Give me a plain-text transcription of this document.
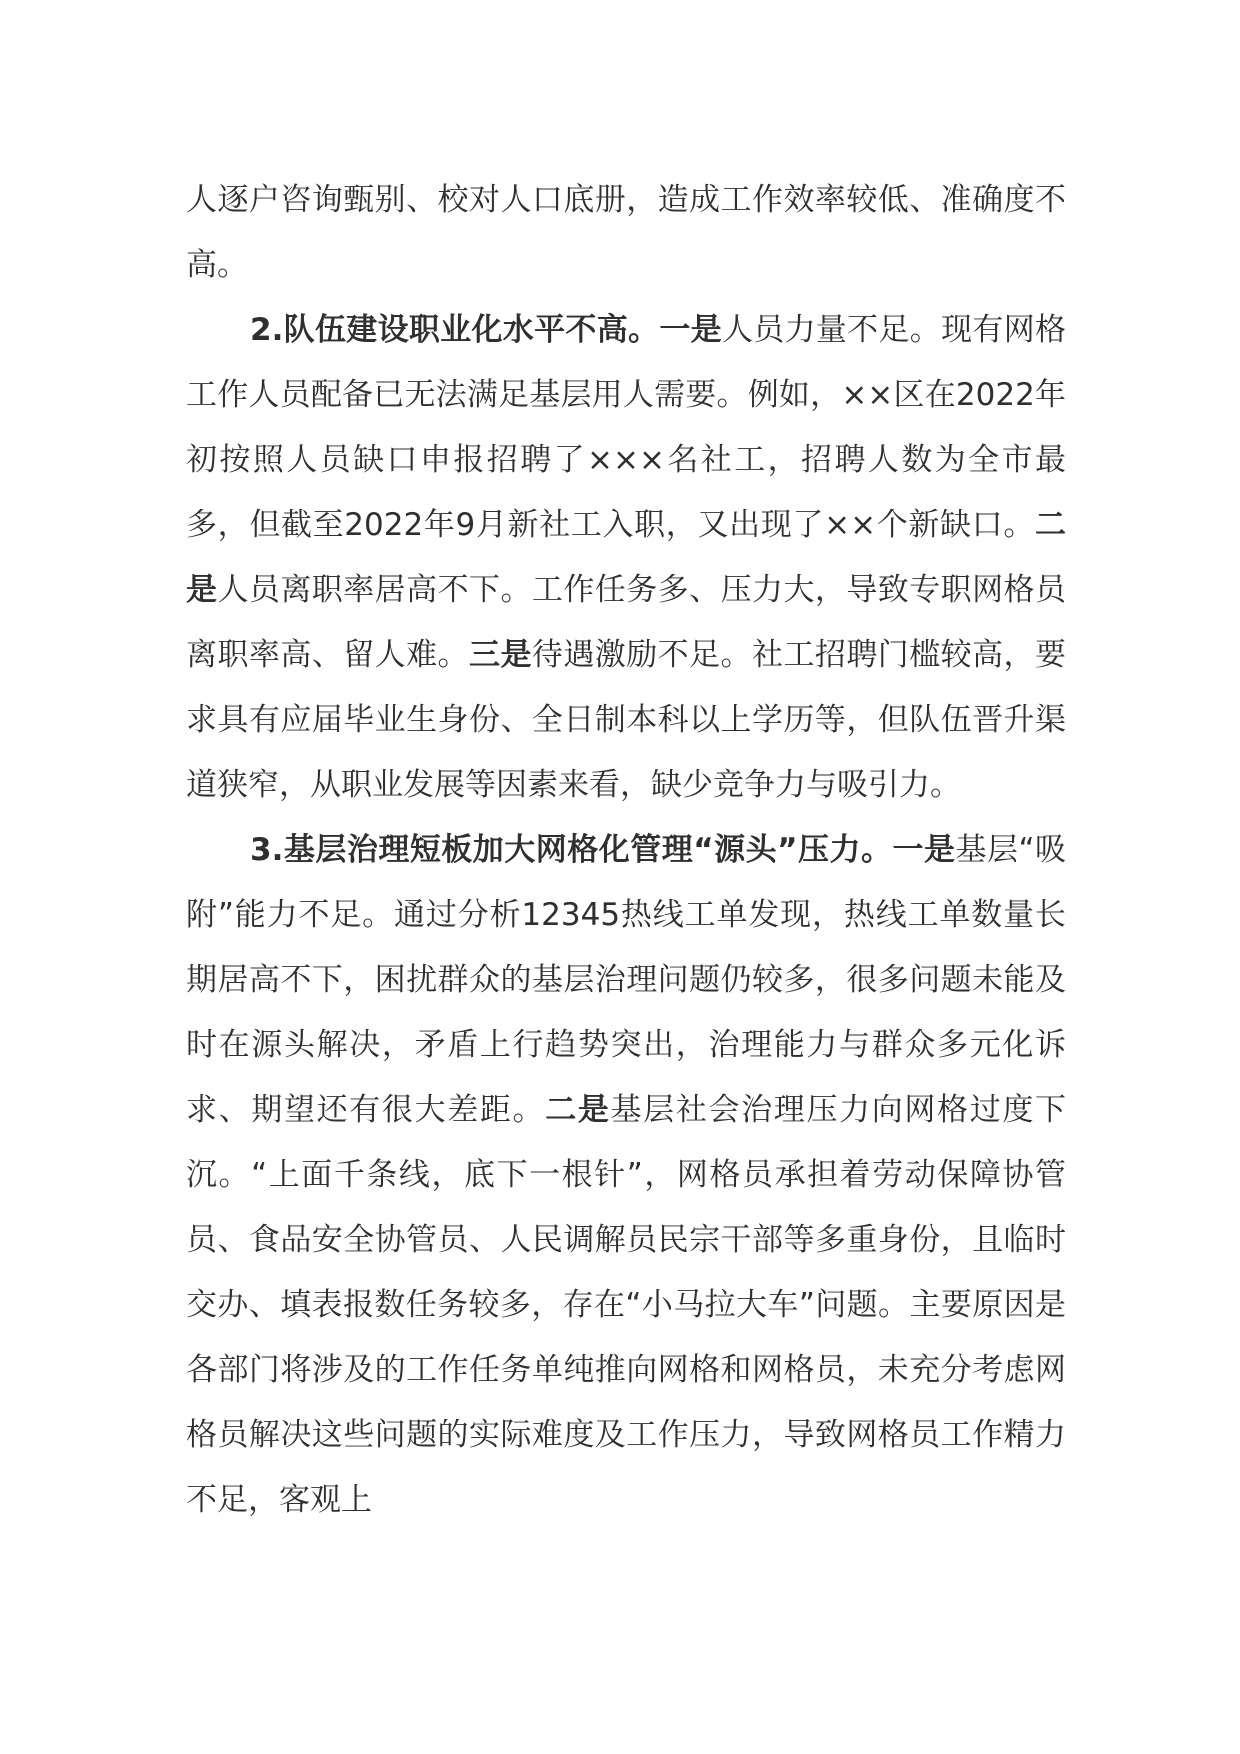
人逐户咨询甄别、校对人口底册，造成工作效率较低、准确度不高。

2.队伍建设职业化水平不高。一是人员力量不足。现有网格工作人员配备已无法满足基层用人需要。例如，××区在2022年初按照人员缺口申报招聘了×××名社工，招聘人数为全市最多，但截至2022年9月新社工入职，又出现了××个新缺口。二是人员离职率居高不下。工作任务多、压力大，导致专职网格员离职率高、留人难。三是待遇激励不足。社工招聘门槛较高，要求具有应届毕业生身份、全日制本科以上学历等，但队伍晋升渠道狭窄，从职业发展等因素来看，缺少竞争力与吸引力。

3.基层治理短板加大网格化管理“源头”压力。一是基层“吸附”能力不足。通过分析12345热线工单发现，热线工单数量长期居高不下，困扰群众的基层治理问题仍较多，很多问题未能及时在源头解决，矛盾上行趋势突出，治理能力与群众多元化诉求、期望还有很大差距。二是基层社会治理压力向网格过度下沉。“上面千条线，底下一根针”，网格员承担着劳动保障协管员、食品安全协管员、人民调解员民宗干部等多重身份，且临时交办、填表报数任务较多，存在“小马拉大车”问题。主要原因是各部门将涉及的工作任务单纯推向网格和网格员，未充分考虑网格员解决这些问题的实际难度及工作压力，导致网格员工作精力不足，客观上
